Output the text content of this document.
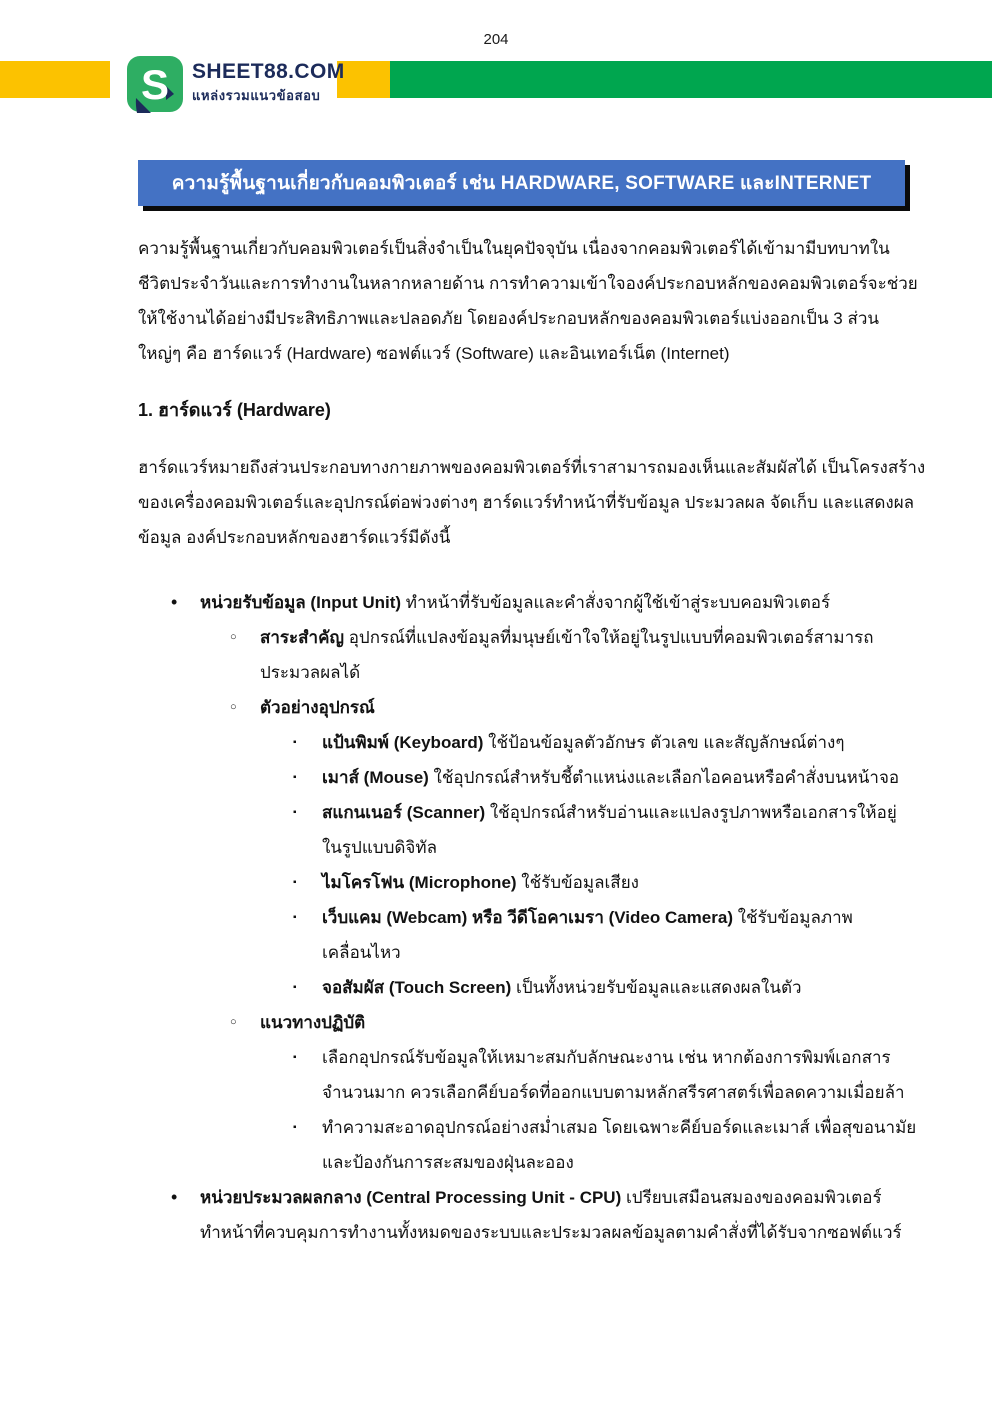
204
S SHEET88.COM
แหล่งรวมแนวข้อสอบ
ความรู้พื้นฐานเกี่ยวกับคอมพิวเตอร์ เช่น HARDWARE, SOFTWARE และINTERNET
ความรู้พื้นฐานเกี่ยวกับคอมพิวเตอร์เป็นสิ่งจำเป็นในยุคปัจจุบัน เนื่องจากคอมพิวเตอร์ได้เข้ามามีบทบาทใน
ชีวิตประจำวันและการทำงานในหลากหลายด้าน การทำความเข้าใจองค์ประกอบหลักของคอมพิวเตอร์จะช่วย
ให้ใช้งานได้อย่างมีประสิทธิภาพและปลอดภัย โดยองค์ประกอบหลักของคอมพิวเตอร์แบ่งออกเป็น 3 ส่วน
ใหญ่ๆ คือ ฮาร์ดแวร์ (Hardware) ซอฟต์แวร์ (Software) และอินเทอร์เน็ต (Internet)
1. ฮาร์ดแวร์ (Hardware)
ฮาร์ดแวร์หมายถึงส่วนประกอบทางกายภาพของคอมพิวเตอร์ที่เราสามารถมองเห็นและสัมผัสได้ เป็นโครงสร้าง
ของเครื่องคอมพิวเตอร์และอุปกรณ์ต่อพ่วงต่างๆ ฮาร์ดแวร์ทำหน้าที่รับข้อมูล ประมวลผล จัดเก็บ และแสดงผล
ข้อมูล องค์ประกอบหลักของฮาร์ดแวร์มีดังนี้
• หน่วยรับข้อมูล (Input Unit) ทำหน้าที่รับข้อมูลและคำสั่งจากผู้ใช้เข้าสู่ระบบคอมพิวเตอร์
○ สาระสำคัญ อุปกรณ์ที่แปลงข้อมูลที่มนุษย์เข้าใจให้อยู่ในรูปแบบที่คอมพิวเตอร์สามารถ
ประมวลผลได้
○ ตัวอย่างอุปกรณ์
▪ แป้นพิมพ์ (Keyboard) ใช้ป้อนข้อมูลตัวอักษร ตัวเลข และสัญลักษณ์ต่างๆ
▪ เมาส์ (Mouse) ใช้อุปกรณ์สำหรับชี้ตำแหน่งและเลือกไอคอนหรือคำสั่งบนหน้าจอ
▪ สแกนเนอร์ (Scanner) ใช้อุปกรณ์สำหรับอ่านและแปลงรูปภาพหรือเอกสารให้อยู่
ในรูปแบบดิจิทัล
▪ ไมโครโฟน (Microphone) ใช้รับข้อมูลเสียง
▪ เว็บแคม (Webcam) หรือ วีดีโอคาเมรา (Video Camera) ใช้รับข้อมูลภาพ
เคลื่อนไหว
▪ จอสัมผัส (Touch Screen) เป็นทั้งหน่วยรับข้อมูลและแสดงผลในตัว
○ แนวทางปฏิบัติ
▪ เลือกอุปกรณ์รับข้อมูลให้เหมาะสมกับลักษณะงาน เช่น หากต้องการพิมพ์เอกสาร
จำนวนมาก ควรเลือกคีย์บอร์ดที่ออกแบบตามหลักสรีรศาสตร์เพื่อลดความเมื่อยล้า
▪ ทำความสะอาดอุปกรณ์อย่างสม่ำเสมอ โดยเฉพาะคีย์บอร์ดและเมาส์ เพื่อสุขอนามัย
และป้องกันการสะสมของฝุ่นละออง
• หน่วยประมวลผลกลาง (Central Processing Unit - CPU) เปรียบเสมือนสมองของคอมพิวเตอร์
ทำหน้าที่ควบคุมการทำงานทั้งหมดของระบบและประมวลผลข้อมูลตามคำสั่งที่ได้รับจากซอฟต์แวร์
